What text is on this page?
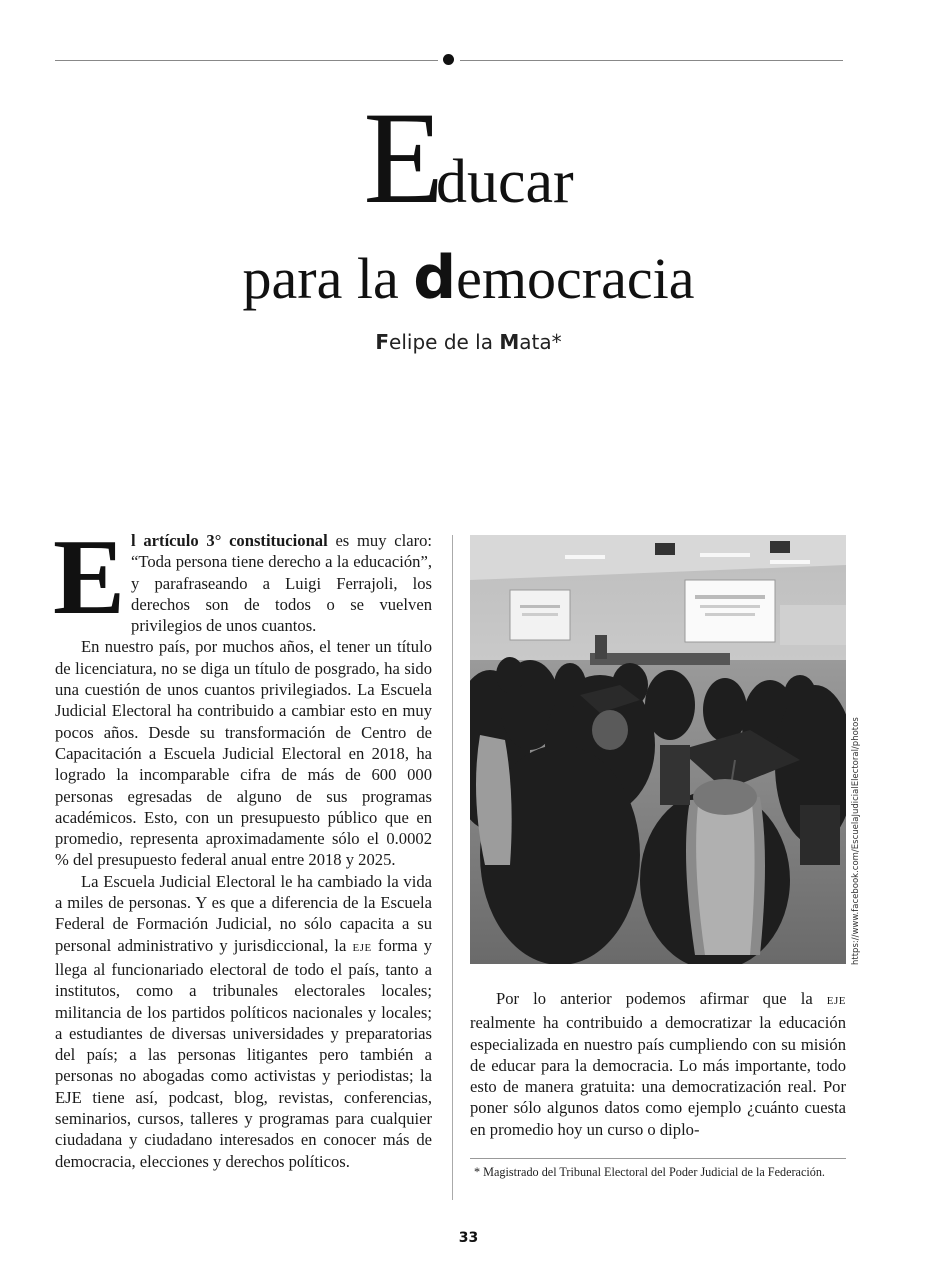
Educar
para la democracia
Felipe de la Mata*

El artículo 3° constitucional es muy claro: “Toda persona tiene derecho a la educación”, y parafraseando a Luigi Ferrajoli, los derechos son de todos o se vuelven privilegios de unos cuantos.

En nuestro país, por muchos años, el tener un título de licenciatura, no se diga un título de posgrado, ha sido una cuestión de unos cuantos privilegiados. La Escuela Judicial Electoral ha contribuido a cambiar esto en muy pocos años. Desde su transformación de Centro de Capacitación a Escuela Judicial Electoral en 2018, ha logrado la incomparable cifra de más de 600 000 personas egresadas de alguno de sus programas académicos. Esto, con un presupuesto público que en promedio, representa aproximadamente sólo el 0.0002 % del presupuesto federal anual entre 2018 y 2025.

La Escuela Judicial Electoral le ha cambiado la vida a miles de personas. Y es que a diferencia de la Escuela Federal de Formación Judicial, no sólo capacita a su personal administrativo y jurisdiccional, la EJE forma y llega al funcionariado electoral de todo el país, tanto a institutos, como a tribunales electorales locales; militancia de los partidos políticos nacionales y locales; a estudiantes de diversas universidades y preparatorias del país; a las personas litigantes pero también a personas no abogadas como activistas y periodistas; la EJE tiene así, podcast, blog, revistas, conferencias, seminarios, cursos, talleres y programas para cualquier ciudadana y ciudadano interesados en conocer más de democracia, elecciones y derechos políticos.

https://www.facebook.com/EscuelaJudicialElectoral/photos

Por lo anterior podemos afirmar que la EJE realmente ha contribuido a democratizar la educación especializada en nuestro país cumpliendo con su misión de educar para la democracia. Lo más importante, todo esto de manera gratuita: una democratización real. Por poner sólo algunos datos como ejemplo ¿cuánto cuesta en promedio hoy un curso o diplo-

* Magistrado del Tribunal Electoral del Poder Judicial de la Federación.
33
